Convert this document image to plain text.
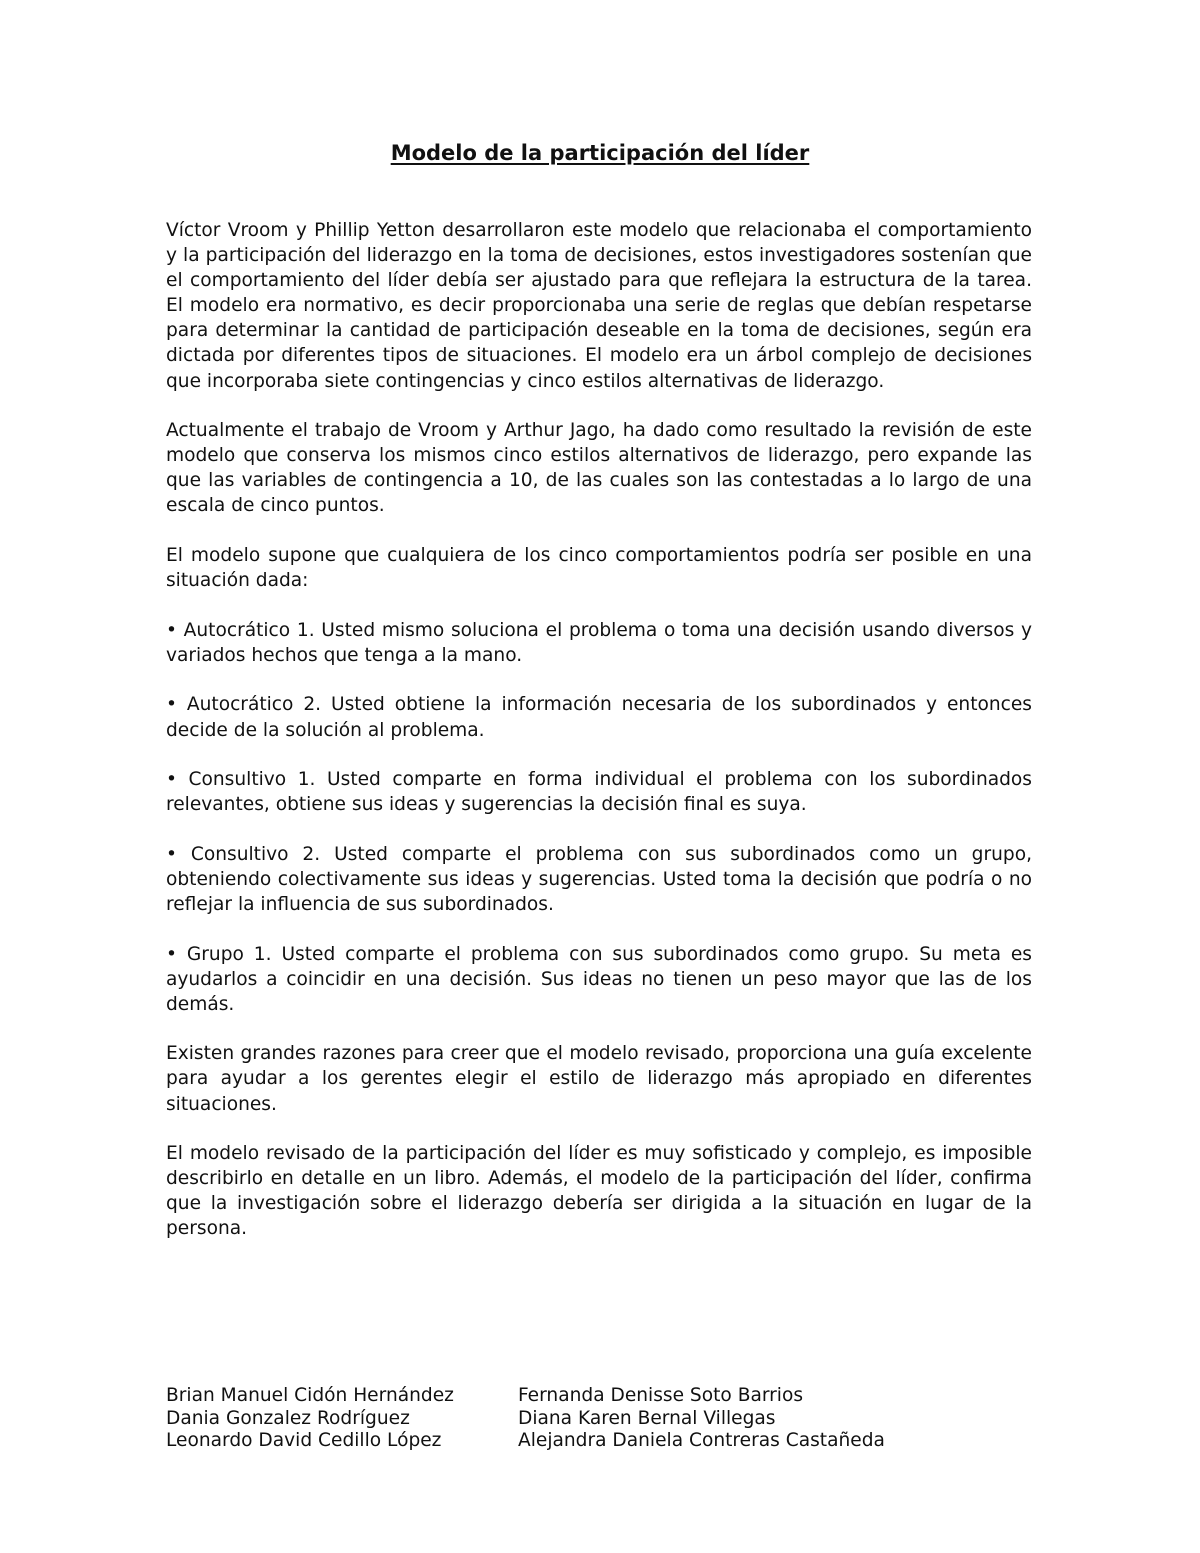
Modelo de la participación del líder

Víctor Vroom y Phillip Yetton desarrollaron este modelo que relacionaba el comportamiento y la participación del liderazgo en la toma de decisiones, estos investigadores sostenían que el comportamiento del líder debía ser ajustado para que reflejara la estructura de la tarea. El modelo era normativo, es decir proporcionaba una serie de reglas que debían respetarse para determinar la cantidad de participación deseable en la toma de decisiones, según era dictada por diferentes tipos de situaciones. El modelo era un árbol complejo de decisiones que incorporaba siete contingencias y cinco estilos alternativas de liderazgo.

Actualmente el trabajo de Vroom y Arthur Jago, ha dado como resultado la revisión de este modelo que conserva los mismos cinco estilos alternativos de liderazgo, pero expande las que las variables de contingencia a 10, de las cuales son las contestadas a lo largo de una escala de cinco puntos.

El modelo supone que cualquiera de los cinco comportamientos podría ser posible en una situación dada:

• Autocrático 1. Usted mismo soluciona el problema o toma una decisión usando diversos y variados hechos que tenga a la mano.

• Autocrático 2. Usted obtiene la información necesaria de los subordinados y entonces decide de la solución al problema.

• Consultivo 1. Usted comparte en forma individual el problema con los subordinados relevantes, obtiene sus ideas y sugerencias la decisión final es suya.

• Consultivo 2. Usted comparte el problema con sus subordinados como un grupo, obteniendo colectivamente sus ideas y sugerencias. Usted toma la decisión que podría o no reflejar la influencia de sus subordinados.

• Grupo 1. Usted comparte el problema con sus subordinados como grupo. Su meta es ayudarlos a coincidir en una decisión. Sus ideas no tienen un peso mayor que las de los demás.

Existen grandes razones para creer que el modelo revisado, proporciona una guía excelente para ayudar a los gerentes elegir el estilo de liderazgo más apropiado en diferentes situaciones.

El modelo revisado de la participación del líder es muy sofisticado y complejo, es imposible describirlo en detalle en un libro. Además, el modelo de la participación del líder, confirma que la investigación sobre el liderazgo debería ser dirigida a la situación en lugar de la persona.

Brian Manuel Cidón Hernández	Fernanda Denisse Soto Barrios
Dania Gonzalez Rodríguez	Diana Karen Bernal Villegas
Leonardo David Cedillo López	Alejandra Daniela Contreras Castañeda
